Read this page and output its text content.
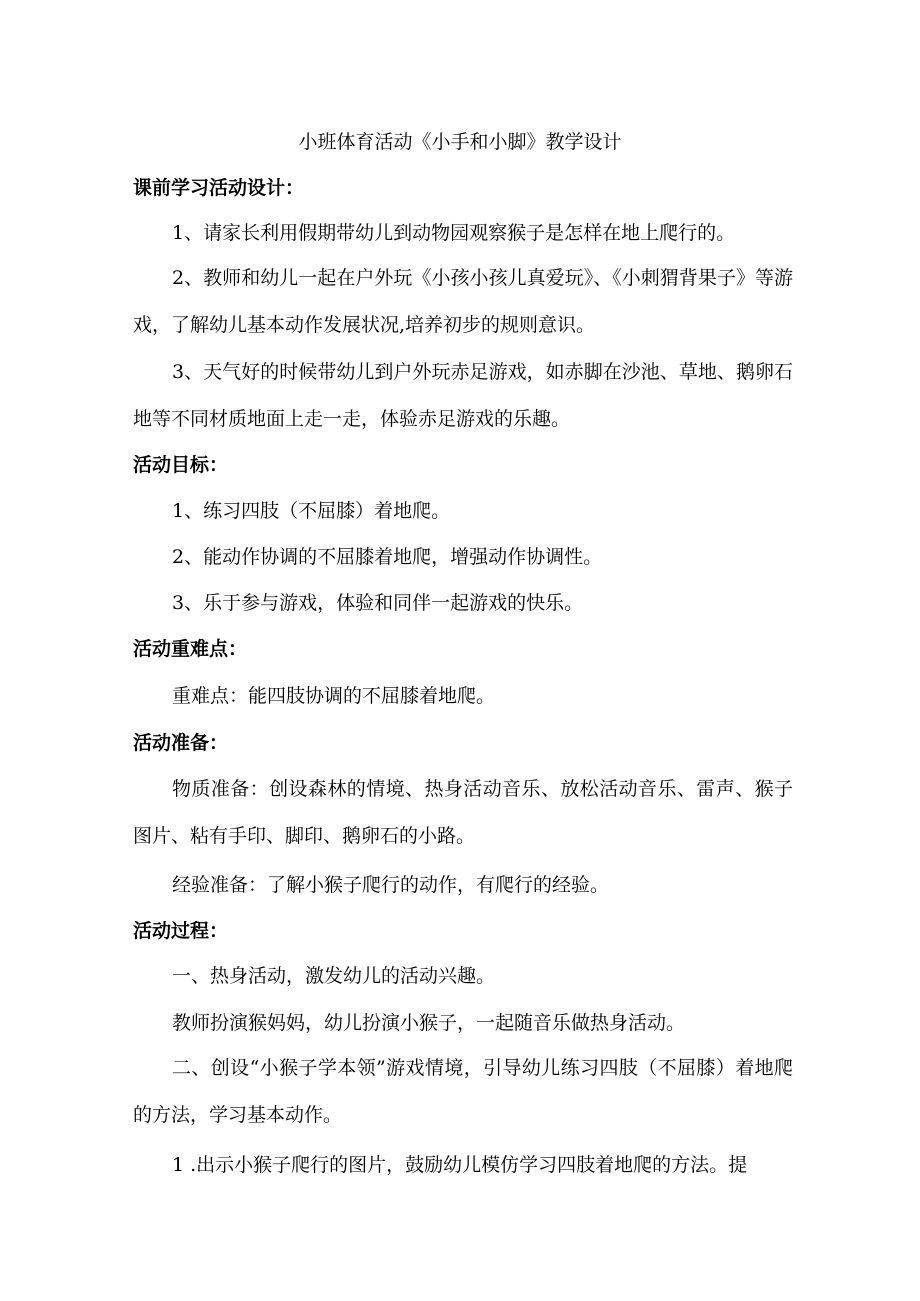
小班体育活动《小手和小脚》教学设计
课前学习活动设计：
1、请家长利用假期带幼儿到动物园观察猴子是怎样在地上爬行的。
2、教师和幼儿一起在户外玩《小孩小孩儿真爱玩》、《小刺猬背果子》等游戏，了解幼儿基本动作发展状况,培养初步的规则意识。
3、天气好的时候带幼儿到户外玩赤足游戏，如赤脚在沙池、草地、鹅卵石地等不同材质地面上走一走，体验赤足游戏的乐趣。
活动目标：
1、练习四肢（不屈膝）着地爬。
2、能动作协调的不屈膝着地爬，增强动作协调性。
3、乐于参与游戏，体验和同伴一起游戏的快乐。
活动重难点：
重难点：能四肢协调的不屈膝着地爬。
活动准备：
物质准备：创设森林的情境、热身活动音乐、放松活动音乐、雷声、猴子图片、粘有手印、脚印、鹅卵石的小路。
经验准备：了解小猴子爬行的动作，有爬行的经验。
活动过程：
一、热身活动，激发幼儿的活动兴趣。
教师扮演猴妈妈，幼儿扮演小猴子，一起随音乐做热身活动。
二、创设“小猴子学本领”游戏情境，引导幼儿练习四肢（不屈膝）着地爬的方法，学习基本动作。
1 .出示小猴子爬行的图片，鼓励幼儿模仿学习四肢着地爬的方法。提
